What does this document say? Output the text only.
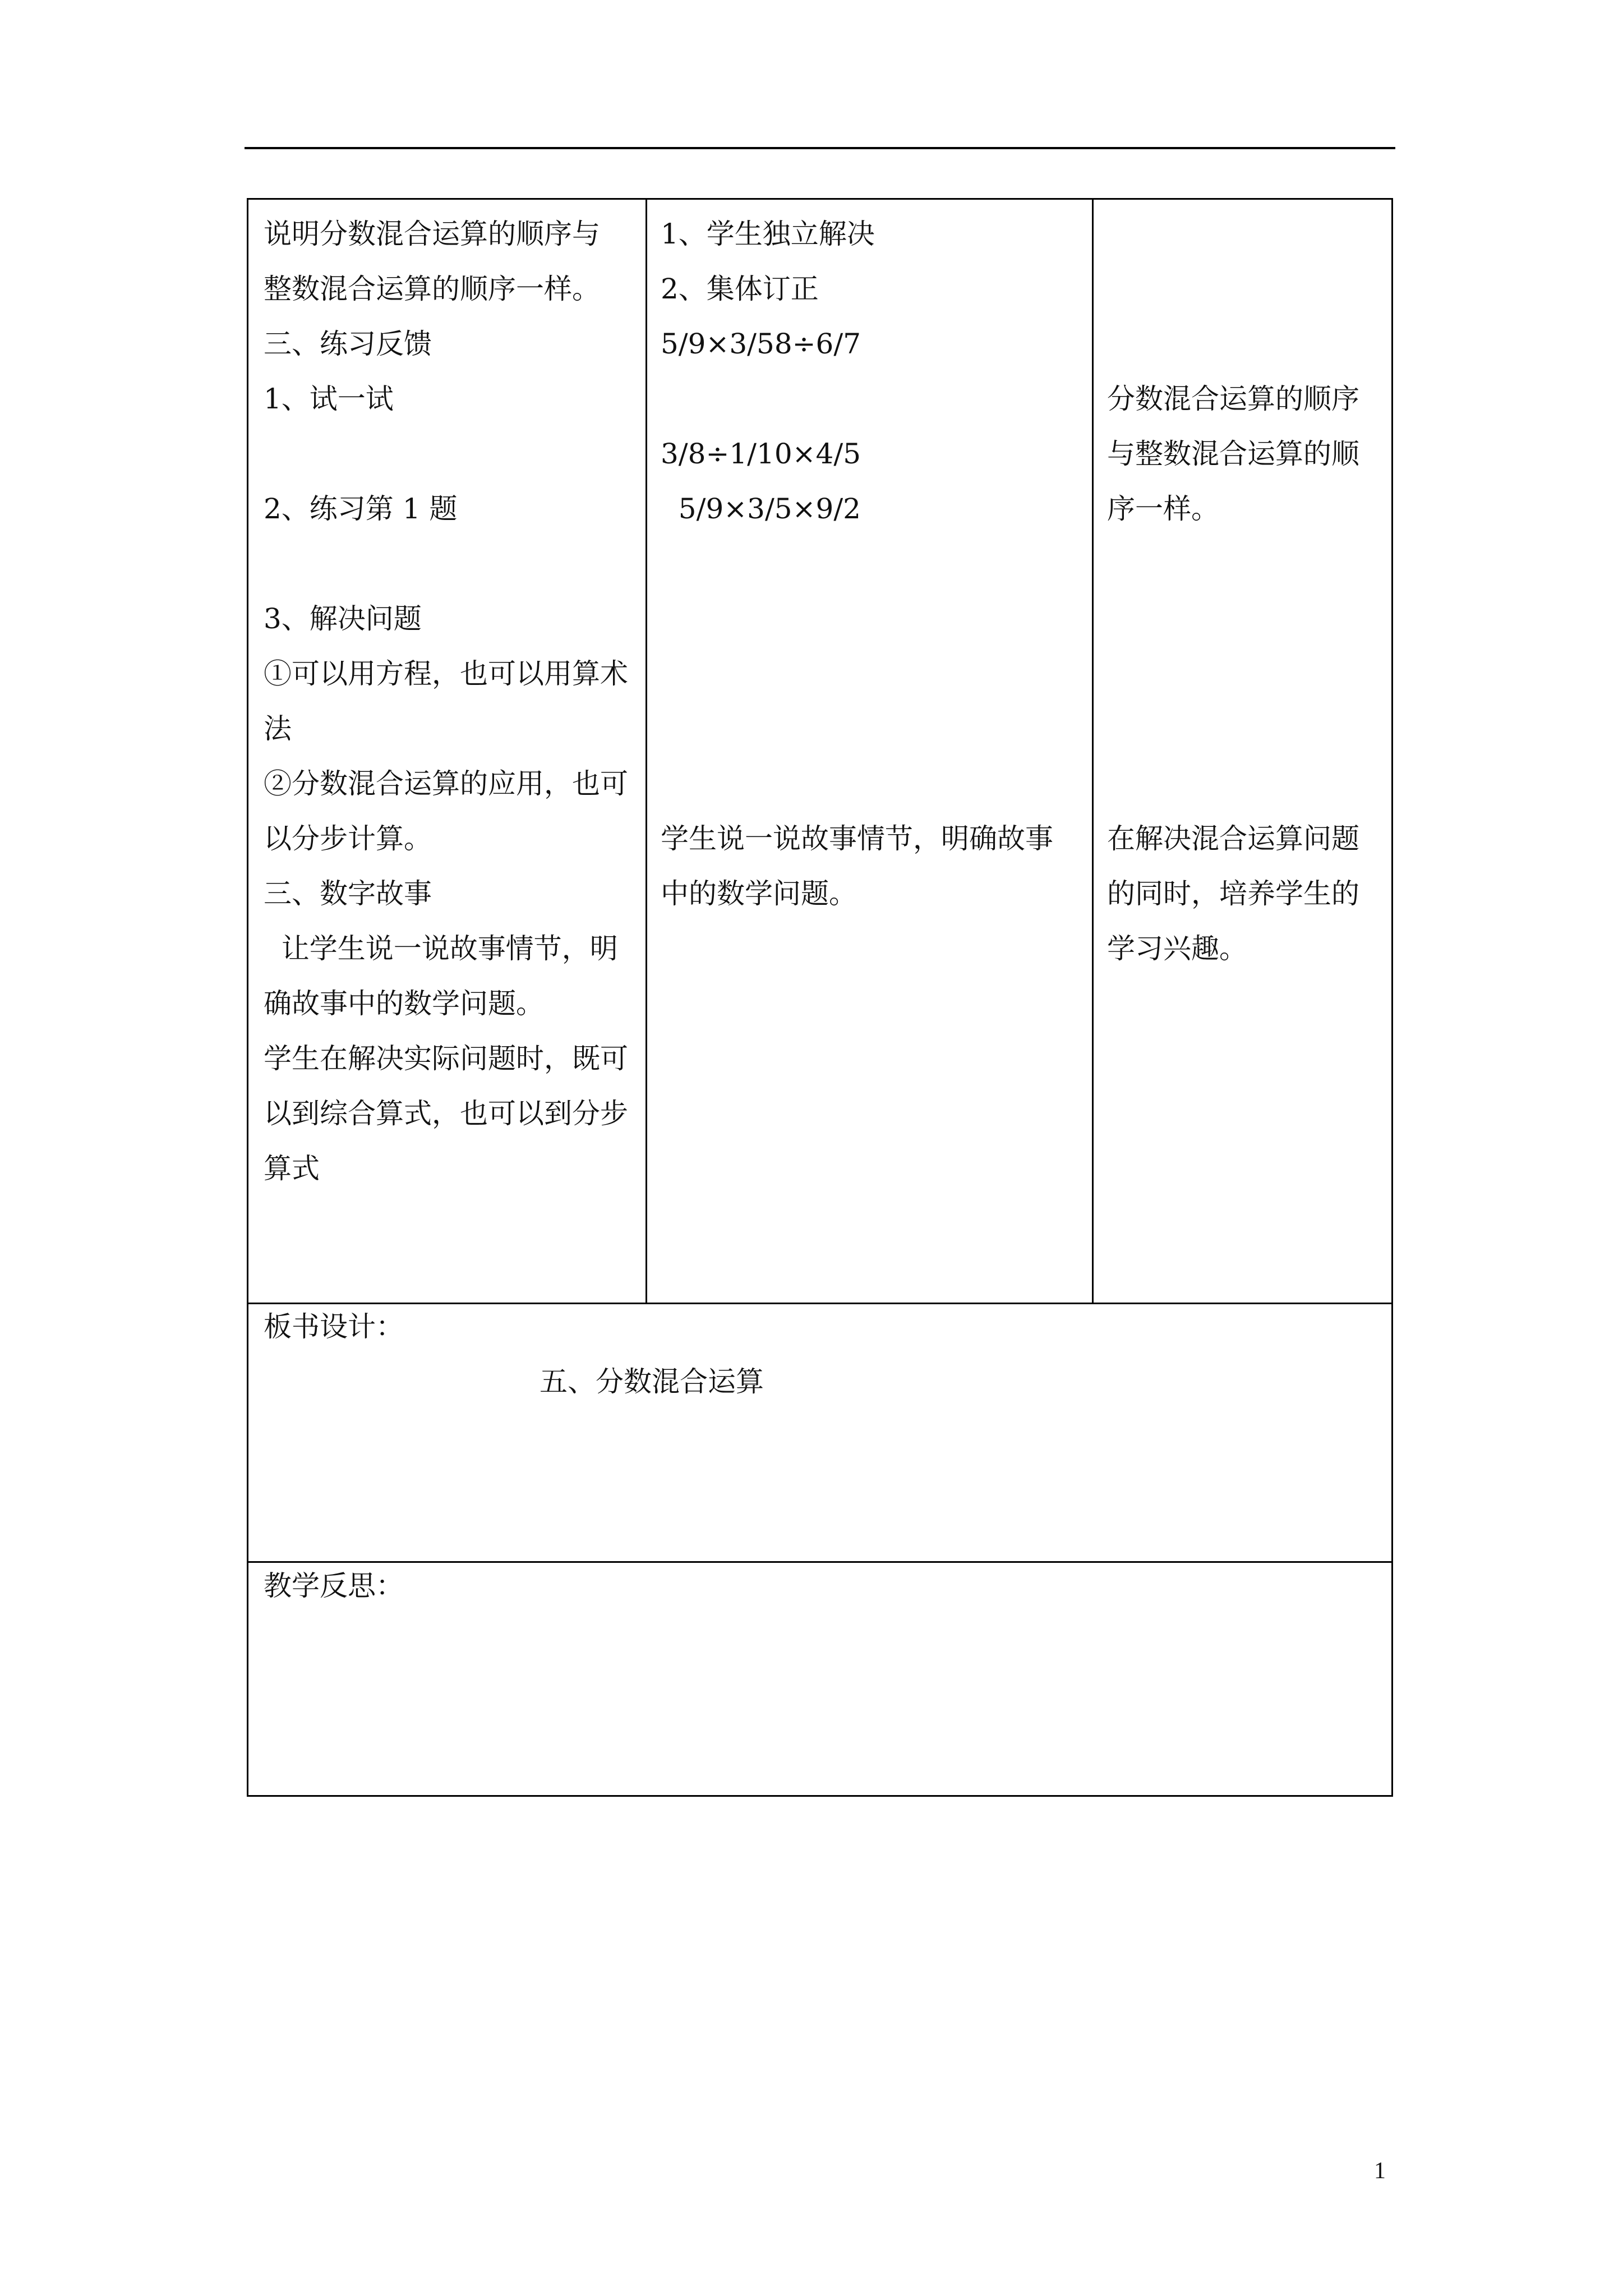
说明分数混合运算的顺序与
整数混合运算的顺序一样。
三、练习反馈
1、试一试
2、练习第 1 题
3、解决问题
①可以用方程，也可以用算术
法
②分数混合运算的应用，也可
以分步计算。
三、数字故事
让学生说一说故事情节，明
确故事中的数学问题。
学生在解决实际问题时，既可
以到综合算式，也可以到分步
算式
1、学生独立解决
2、集体订正
5/9×3/58÷6/7
3/8÷1/10×4/5
5/9×3/5×9/2
学生说一说故事情节，明确故事
中的数学问题。
分数混合运算的顺序
与整数混合运算的顺
序一样。
在解决混合运算问题
的同时，培养学生的
学习兴趣。
板书设计：
五、分数混合运算
教学反思：
1
